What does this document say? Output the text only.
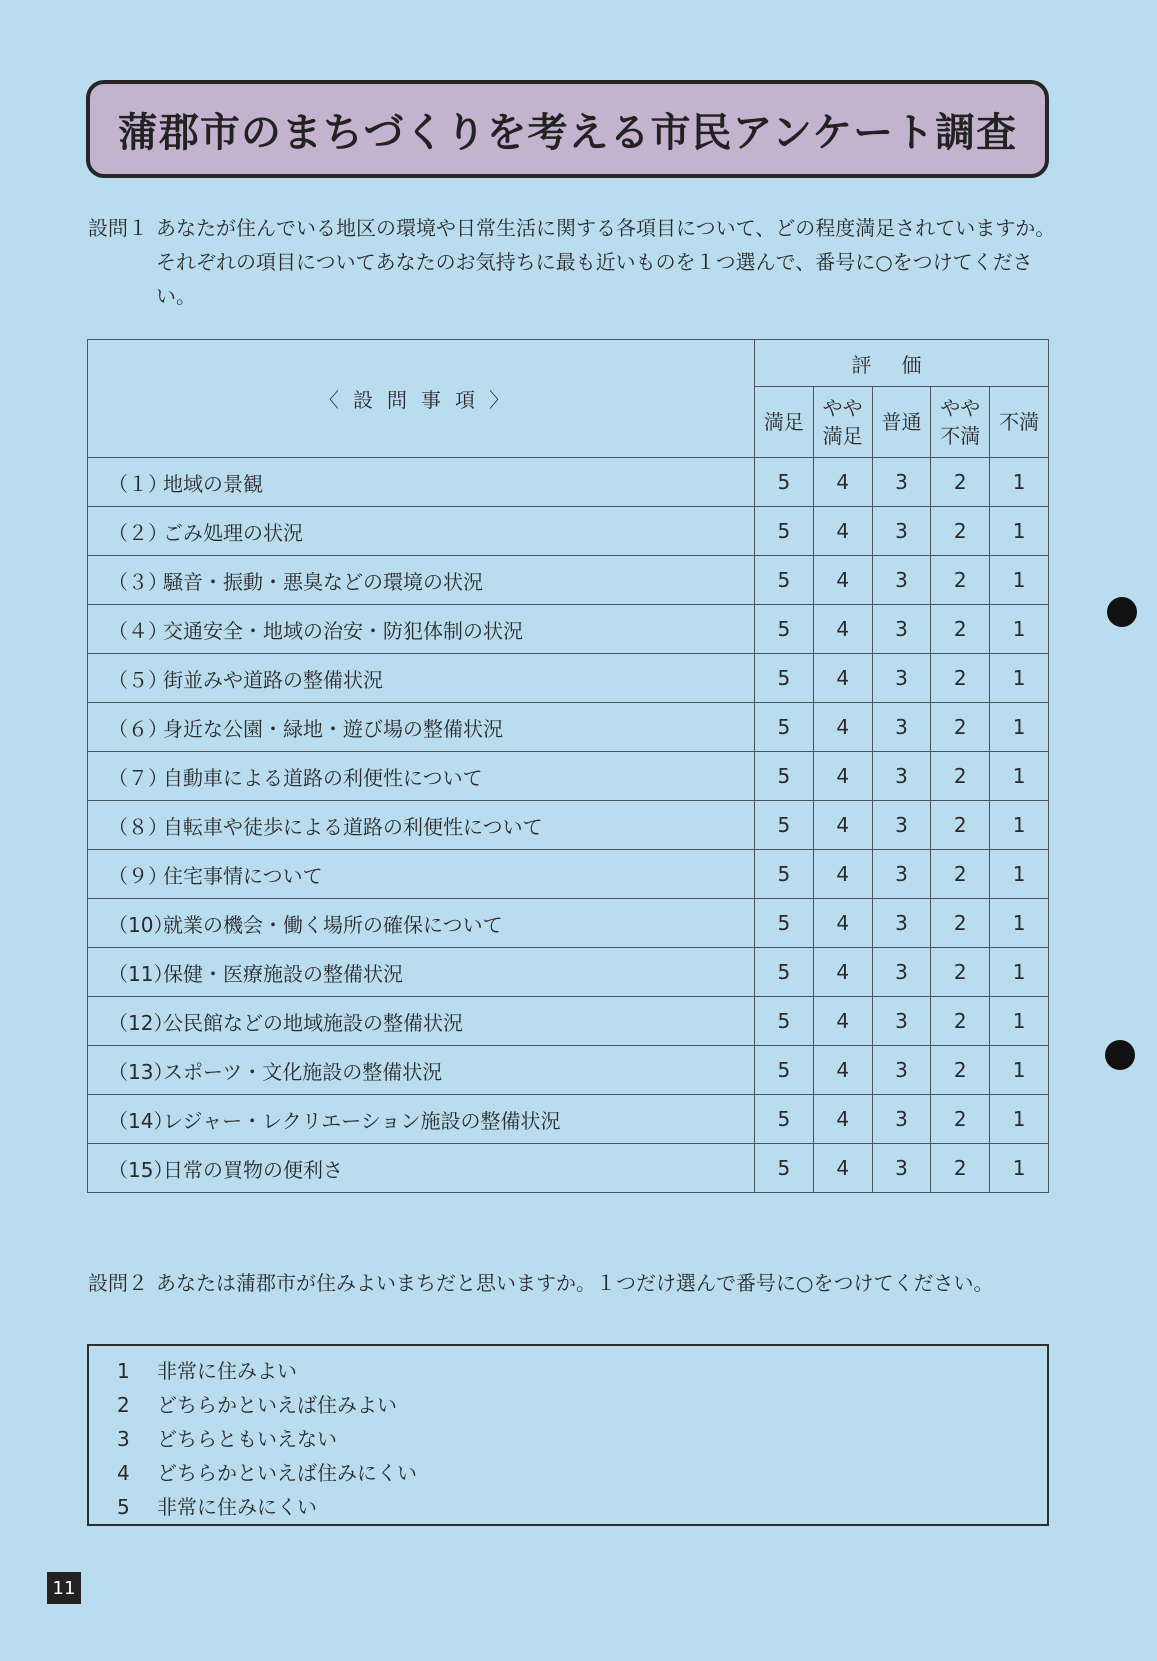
蒲郡市のまちづくりを考える市民アンケート調査
設問１ あなたが住んでいる地区の環境や日常生活に関する各項目について、どの程度満足されていますか。それぞれの項目についてあなたのお気持ちに最も近いものを１つ選んで、番号に○をつけてください。
〈設問事項〉	評価				
	満足	やや満足	普通	やや不満	不満
（１）地域の景観	5	4	3	2	1
（２）ごみ処理の状況	5	4	3	2	1
（３）騒音・振動・悪臭などの環境の状況	5	4	3	2	1
（４）交通安全・地域の治安・防犯体制の状況	5	4	3	2	1
（５）街並みや道路の整備状況	5	4	3	2	1
（６）身近な公園・緑地・遊び場の整備状況	5	4	3	2	1
（７）自動車による道路の利便性について	5	4	3	2	1
（８）自転車や徒歩による道路の利便性について	5	4	3	2	1
（９）住宅事情について	5	4	3	2	1
（10）就業の機会・働く場所の確保について	5	4	3	2	1
（11）保健・医療施設の整備状況	5	4	3	2	1
（12）公民館などの地域施設の整備状況	5	4	3	2	1
（13）スポーツ・文化施設の整備状況	5	4	3	2	1
（14）レジャー・レクリエーション施設の整備状況	5	4	3	2	1
（15）日常の買物の便利さ	5	4	3	2	1
設問２ あなたは蒲郡市が住みよいまちだと思いますか。１つだけ選んで番号に○をつけてください。
1 非常に住みよい
2 どちらかといえば住みよい
3 どちらともいえない
4 どちらかといえば住みにくい
5 非常に住みにくい
11
